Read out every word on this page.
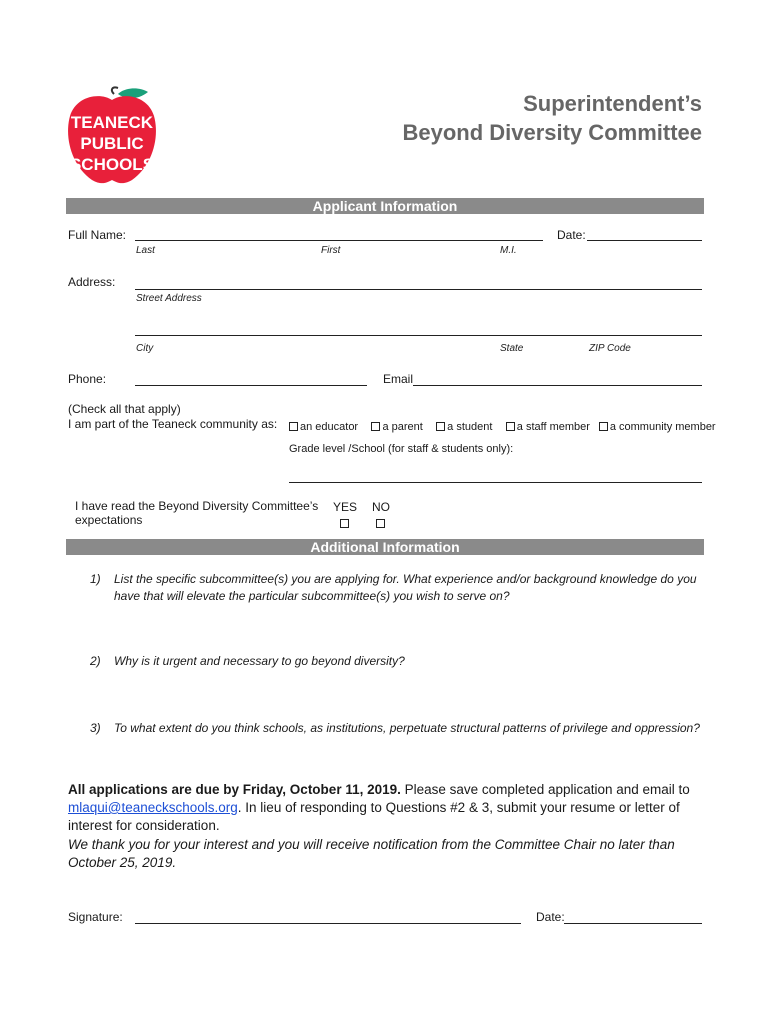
TEANECK
PUBLIC
SCHOOLS
Superintendent’s
Beyond Diversity Committee
Applicant Information
Full Name:	Date:
Last	First	M.I.
Address:
Street Address
City	State	ZIP Code
Phone:	Email
(Check all that apply)
I am part of the Teaneck community as:	an educator a parent a student a staff member a community member
Grade level /School (for staff & students only):
I have read the Beyond Diversity Committee’s
expectations
YES NO
Additional Information
1) List the specific subcommittee(s) you are applying for. What experience and/or background knowledge do you have that will elevate the particular subcommittee(s) you wish to serve on?
2) Why is it urgent and necessary to go beyond diversity?
3) To what extent do you think schools, as institutions, perpetuate structural patterns of privilege and oppression?
All applications are due by Friday, October 11, 2019. Please save completed application and email to mlaqui@teaneckschools.org. In lieu of responding to Questions #2 & 3, submit your resume or letter of interest for consideration.
We thank you for your interest and you will receive notification from the Committee Chair no later than October 25, 2019.
Signature:	Date:
